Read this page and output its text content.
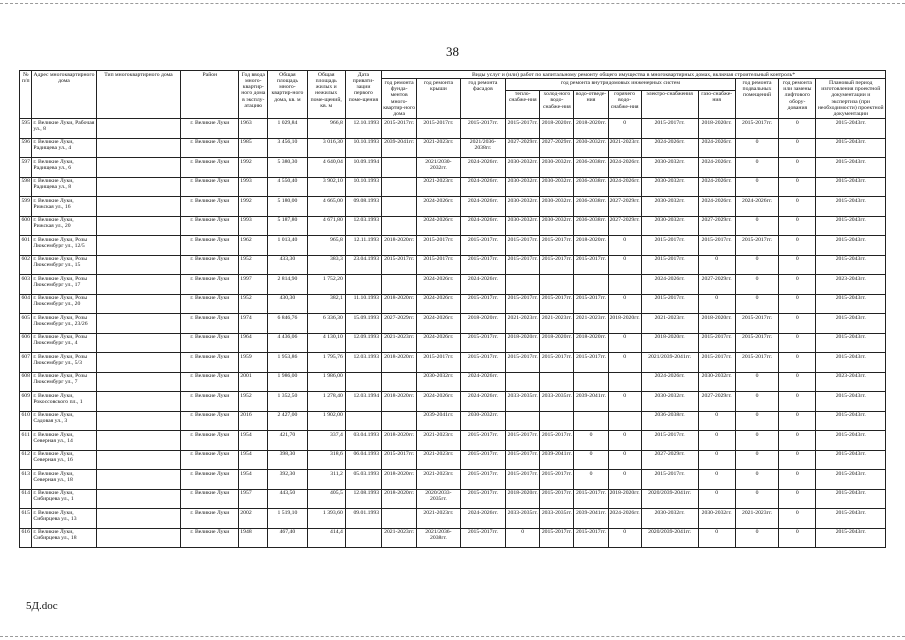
38
№ п/п	Адрес многоквартирного дома	Тип многоквартирного дома	Район	Год ввода много-квартир-ного дома в эксплу-атацию	Общая площадь много-квартир-ного дома, кв. м	Общая площадь жилых и нежилых поме-щений, кв. м	Дата привати-зации первого поме-щения	Виды услуг и (или) работ по капитальному ремонту общего имущества в многоквартирных домах, включая строительный контроль*											
								год ремонта фунда-ментов много-квартир-ного дома	год ремонта крыши	год ремонта фасадов	год ремонта внутридомовых инженерных систем						год ремонта подвальных помещений	год ремонта или замены лифтового обору-дования	Плановый период изготовления проектной документации и экспертиза (при необходимости) проектной документации
											тепло-снабже-ния	холод-ного водо-снабже-ния	водо-отведе-ния	горячего водо-снабже-ния	электро-снабжения	газо-снабже-ния			
595	г. Великие Луки, Рабочая ул., 8		г. Великие Луки	1963	1 029,84	966,8	12.10.1993	2015-2017гг.	2015-2017гг.	2015-2017гг.	2015-2017гг.	2018-2020гг.	2018-2020гг.	0	2015-2017гг.	2018-2020гг.	2015-2017гг.	0	2015-2043гг.
596	г. Великие Луки, Радищева ул., 4		г. Великие Луки	1985	3 456,10	3 016,30	10.10.1993	2039-2041гг.	2021-2023гг.	2021/2036-2038гг.	2027-2029гг.	2027-2029гг.	2030-2032гг.	2021-2023гг.	2024-2026гг.	2024-2026гг.	0	0	2015-2043гг.
597	г. Великие Луки, Радищева ул., 6		г. Великие Луки	1992	5 380,30	4 640,04	10.09.1994		2021/2030-2032гг.	2024-2026гг.	2030-2032гг.	2030-2032гг.	2036-2038гг.	2024-2026гг.	2030-2032гг.	2024-2026гг.	0	0	2015-2043гг.
598	г. Великие Луки, Радищева ул., 8		г. Великие Луки	1993	4 550,40	3 902,10	10.10.1993		2021-2023гг.	2024-2026гг.	2030-2032гг.	2030-2032гг.	2036-2038гг.	2024-2026гг.	2030-2032гг.	2024-2026гг.	0	0	2015-2043гг.
599	г. Великие Луки, Рижская ул., 16		г. Великие Луки	1992	5 180,00	4 665,00	09.08.1993		2024-2026гг.	2024-2026гг.	2030-2032гг.	2030-2032гг.	2036-2038гг.	2027-2029гг.	2030-2032гг.	2024-2026гг.	2024-2026гг.	0	2015-2043гг.
600	г. Великие Луки, Рижская ул., 20		г. Великие Луки	1993	5 187,80	4 671,80	12.03.1993		2024-2026гг.	2024-2026гг.	2030-2032гг.	2030-2032гг.	2036-2038гг.	2027-2029гг.	2030-2032гг.	2027-2029гг.	0	0	2015-2043гг.
601	г. Великие Луки, Розы Люксембург ул., 12/5		г. Великие Луки	1962	1 013,40	965,8	12.11.1993	2018-2020гг.	2015-2017гг.	2015-2017гг.	2015-2017гг.	2015-2017гг.	2018-2020гг.	0	2015-2017гг.	2015-2017гг.	2015-2017гг.	0	2015-2043гг.
602	г. Великие Луки, Розы Люксембург ул., 15		г. Великие Луки	1952	433,30	383,3	23.04.1993	2015-2017гг.	2015-2017гг.	2015-2017гг.	2015-2017гг.	2015-2017гг.	2015-2017гг.	0	2015-2017гг.	0	0	0	2015-2043гг.
603	г. Великие Луки, Розы Люксембург ул., 17		г. Великие Луки	1997	2 814,90	1 752,20			2024-2026гг.	2024-2026гг.					2024-2026гг.	2027-2029гг.	0	0	2023-2043гг.
604	г. Великие Луки, Розы Люксембург ул., 20		г. Великие Луки	1952	430,30	382,1	11.10.1993	2018-2020гг.	2024-2026гг.	2015-2017гг.	2015-2017гг.	2015-2017гг.	2015-2017гг.	0	2015-2017гг.	0	0	0	2015-2043гг.
605	г. Великие Луки, Розы Люксембург ул., 23/26		г. Великие Луки	1974	6 846,76	6 336,30	15.09.1993	2027-2029гг.	2024-2026гг.	2018-2020гг.	2021-2023гг.	2021-2023гг.	2021-2023гг.	2018-2020гг.	2021-2023гг.	2018-2020гг.	2015-2017гг.	0	2015-2043гг.
606	г. Великие Луки, Розы Люксембург ул., 4		г. Великие Луки	1964	4 436,06	4 130,10	12.09.1993	2021-2023гг.	2024-2026гг.	2015-2017гг.	2018-2020гг.	2018-2020гг.	2018-2020гг.	0	2018-2020гг.	2015-2017гг.	2015-2017гг.	0	2015-2043гг.
607	г. Великие Луки, Розы Люксембург ул., 5/3		г. Великие Луки	1959	1 953,86	1 795,76	12.03.1993	2018-2020гг.	2015-2017гг.	2015-2017гг.	2015-2017гг.	2015-2017гг.	2015-2017гг.	0	2021/2039-2041гг.	2015-2017гг.	2015-2017гг.	0	2015-2043гг.
608	г. Великие Луки, Розы Люксембург ул., 7		г. Великие Луки	2001	1 986,00	1 986,00			2030-2032гг.	2024-2026гг.					2024-2026гг.	2030-2032гг.	0	0	2023-2043гг.
609	г. Великие Луки, Рокоссовского пл., 1		г. Великие Луки	1952	1 352,50	1 278,40	12.03.1994	2018-2020гг.	2024-2026гг.	2024-2026гг.	2033-2035гг.	2033-2035гг.	2039-2041гг.	0	2030-2032гг.	2027-2029гг.	0	0	2015-2043гг.
610	г. Великие Луки, Садовая ул., 3		г. Великие Луки	2016	2 427,00	1 902,00			2039-2041гг.	2030-2032гг.					2036-2038гг.	0	0	0	2015-2043гг.
611	г. Великие Луки, Северная ул., 14		г. Великие Луки	1954	421,70	337,4	03.04.1993	2018-2020гг.	2021-2023гг.	2015-2017гг.	2015-2017гг.	2015-2017гг.	0	0	2015-2017гг.	0	0	0	2015-2043гг.
612	г. Великие Луки, Северная ул., 16		г. Великие Луки	1954	398,30	318,6	06.04.1993	2015-2017гг.	2021-2023гг.	2015-2017гг.	2015-2017гг.	2039-2041гг.	0	0	2027-2029гг.	0	0	0	2015-2043гг.
613	г. Великие Луки, Северная ул., 18		г. Великие Луки	1954	392,30	311,2	05.03.1993	2018-2020гг.	2021-2023гг.	2015-2017гг.	2015-2017гг.	2015-2017гг.	0	0	2015-2017гг.	0	0	0	2015-2043гг.
614	г. Великие Луки, Сибирцева ул., 1		г. Великие Луки	1957	443,50	405,5	12.08.1993	2018-2020гг.	2020/2033-2035гг.	2015-2017гг.	2018-2020гг.	2015-2017гг.	2015-2017гг.	2018-2020гг.	2020/2039-2041гг.	0	0	0	2015-2043гг.
615	г. Великие Луки, Сибирцева ул., 13		г. Великие Луки	2002	1 519,10	1 393,60	09.01.1993		2021-2023гг.	2024-2026гг.	2033-2035гг.	2033-2035гг.	2039-2041гг.	2024-2026гг.	2030-2032гг.	2030-2032гг.	2021-2023гг.	0	2015-2043гг.
616	г. Великие Луки, Сибирцева ул., 18		г. Великие Луки	1948	467,40	414,4		2021-2023гг.	2021/2036-2038гг.	2015-2017гг.	0	2015-2017гг.	2015-2017гг.	0	2020/2039-2041гг.	0	0	0	2015-2043гг.
5Д.doc
